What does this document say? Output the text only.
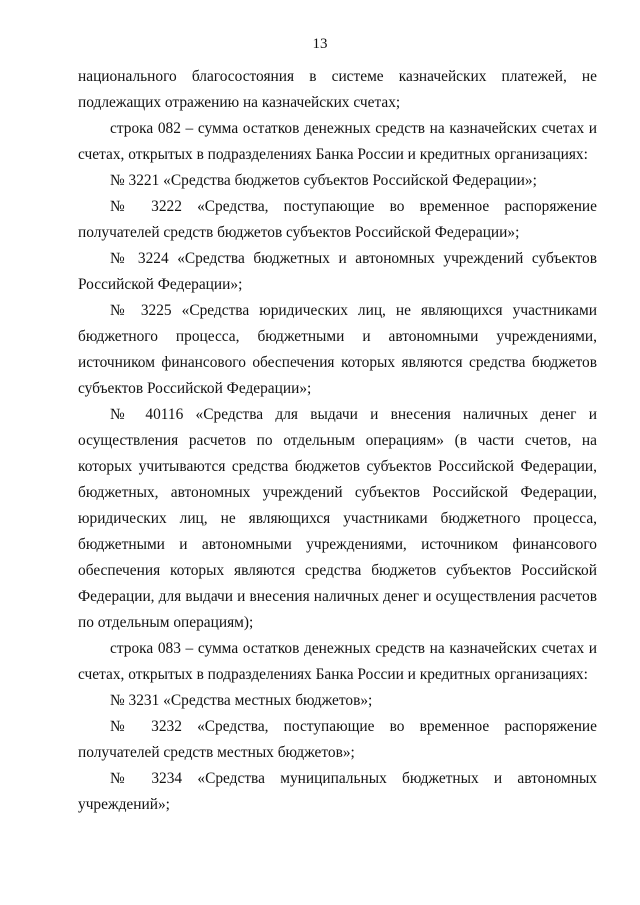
13

национального благосостояния в системе казначейских платежей, не подлежащих отражению на казначейских счетах;

строка 082 – сумма остатков денежных средств на казначейских счетах и счетах, открытых в подразделениях Банка России и кредитных организациях:

№ 3221 «Средства бюджетов субъектов Российской Федерации»;

№ 3222 «Средства, поступающие во временное распоряжение получателей средств бюджетов субъектов Российской Федерации»;

№ 3224 «Средства бюджетных и автономных учреждений субъектов Российской Федерации»;

№ 3225 «Средства юридических лиц, не являющихся участниками бюджетного процесса, бюджетными и автономными учреждениями, источником финансового обеспечения которых являются средства бюджетов субъектов Российской Федерации»;

№ 40116 «Средства для выдачи и внесения наличных денег и осуществления расчетов по отдельным операциям» (в части счетов, на которых учитываются средства бюджетов субъектов Российской Федерации, бюджетных, автономных учреждений субъектов Российской Федерации, юридических лиц, не являющихся участниками бюджетного процесса, бюджетными и автономными учреждениями, источником финансового обеспечения которых являются средства бюджетов субъектов Российской Федерации, для выдачи и внесения наличных денег и осуществления расчетов по отдельным операциям);

строка 083 – сумма остатков денежных средств на казначейских счетах и счетах, открытых в подразделениях Банка России и кредитных организациях:

№ 3231 «Средства местных бюджетов»;

№ 3232 «Средства, поступающие во временное распоряжение получателей средств местных бюджетов»;

№ 3234 «Средства муниципальных бюджетных и автономных учреждений»;
